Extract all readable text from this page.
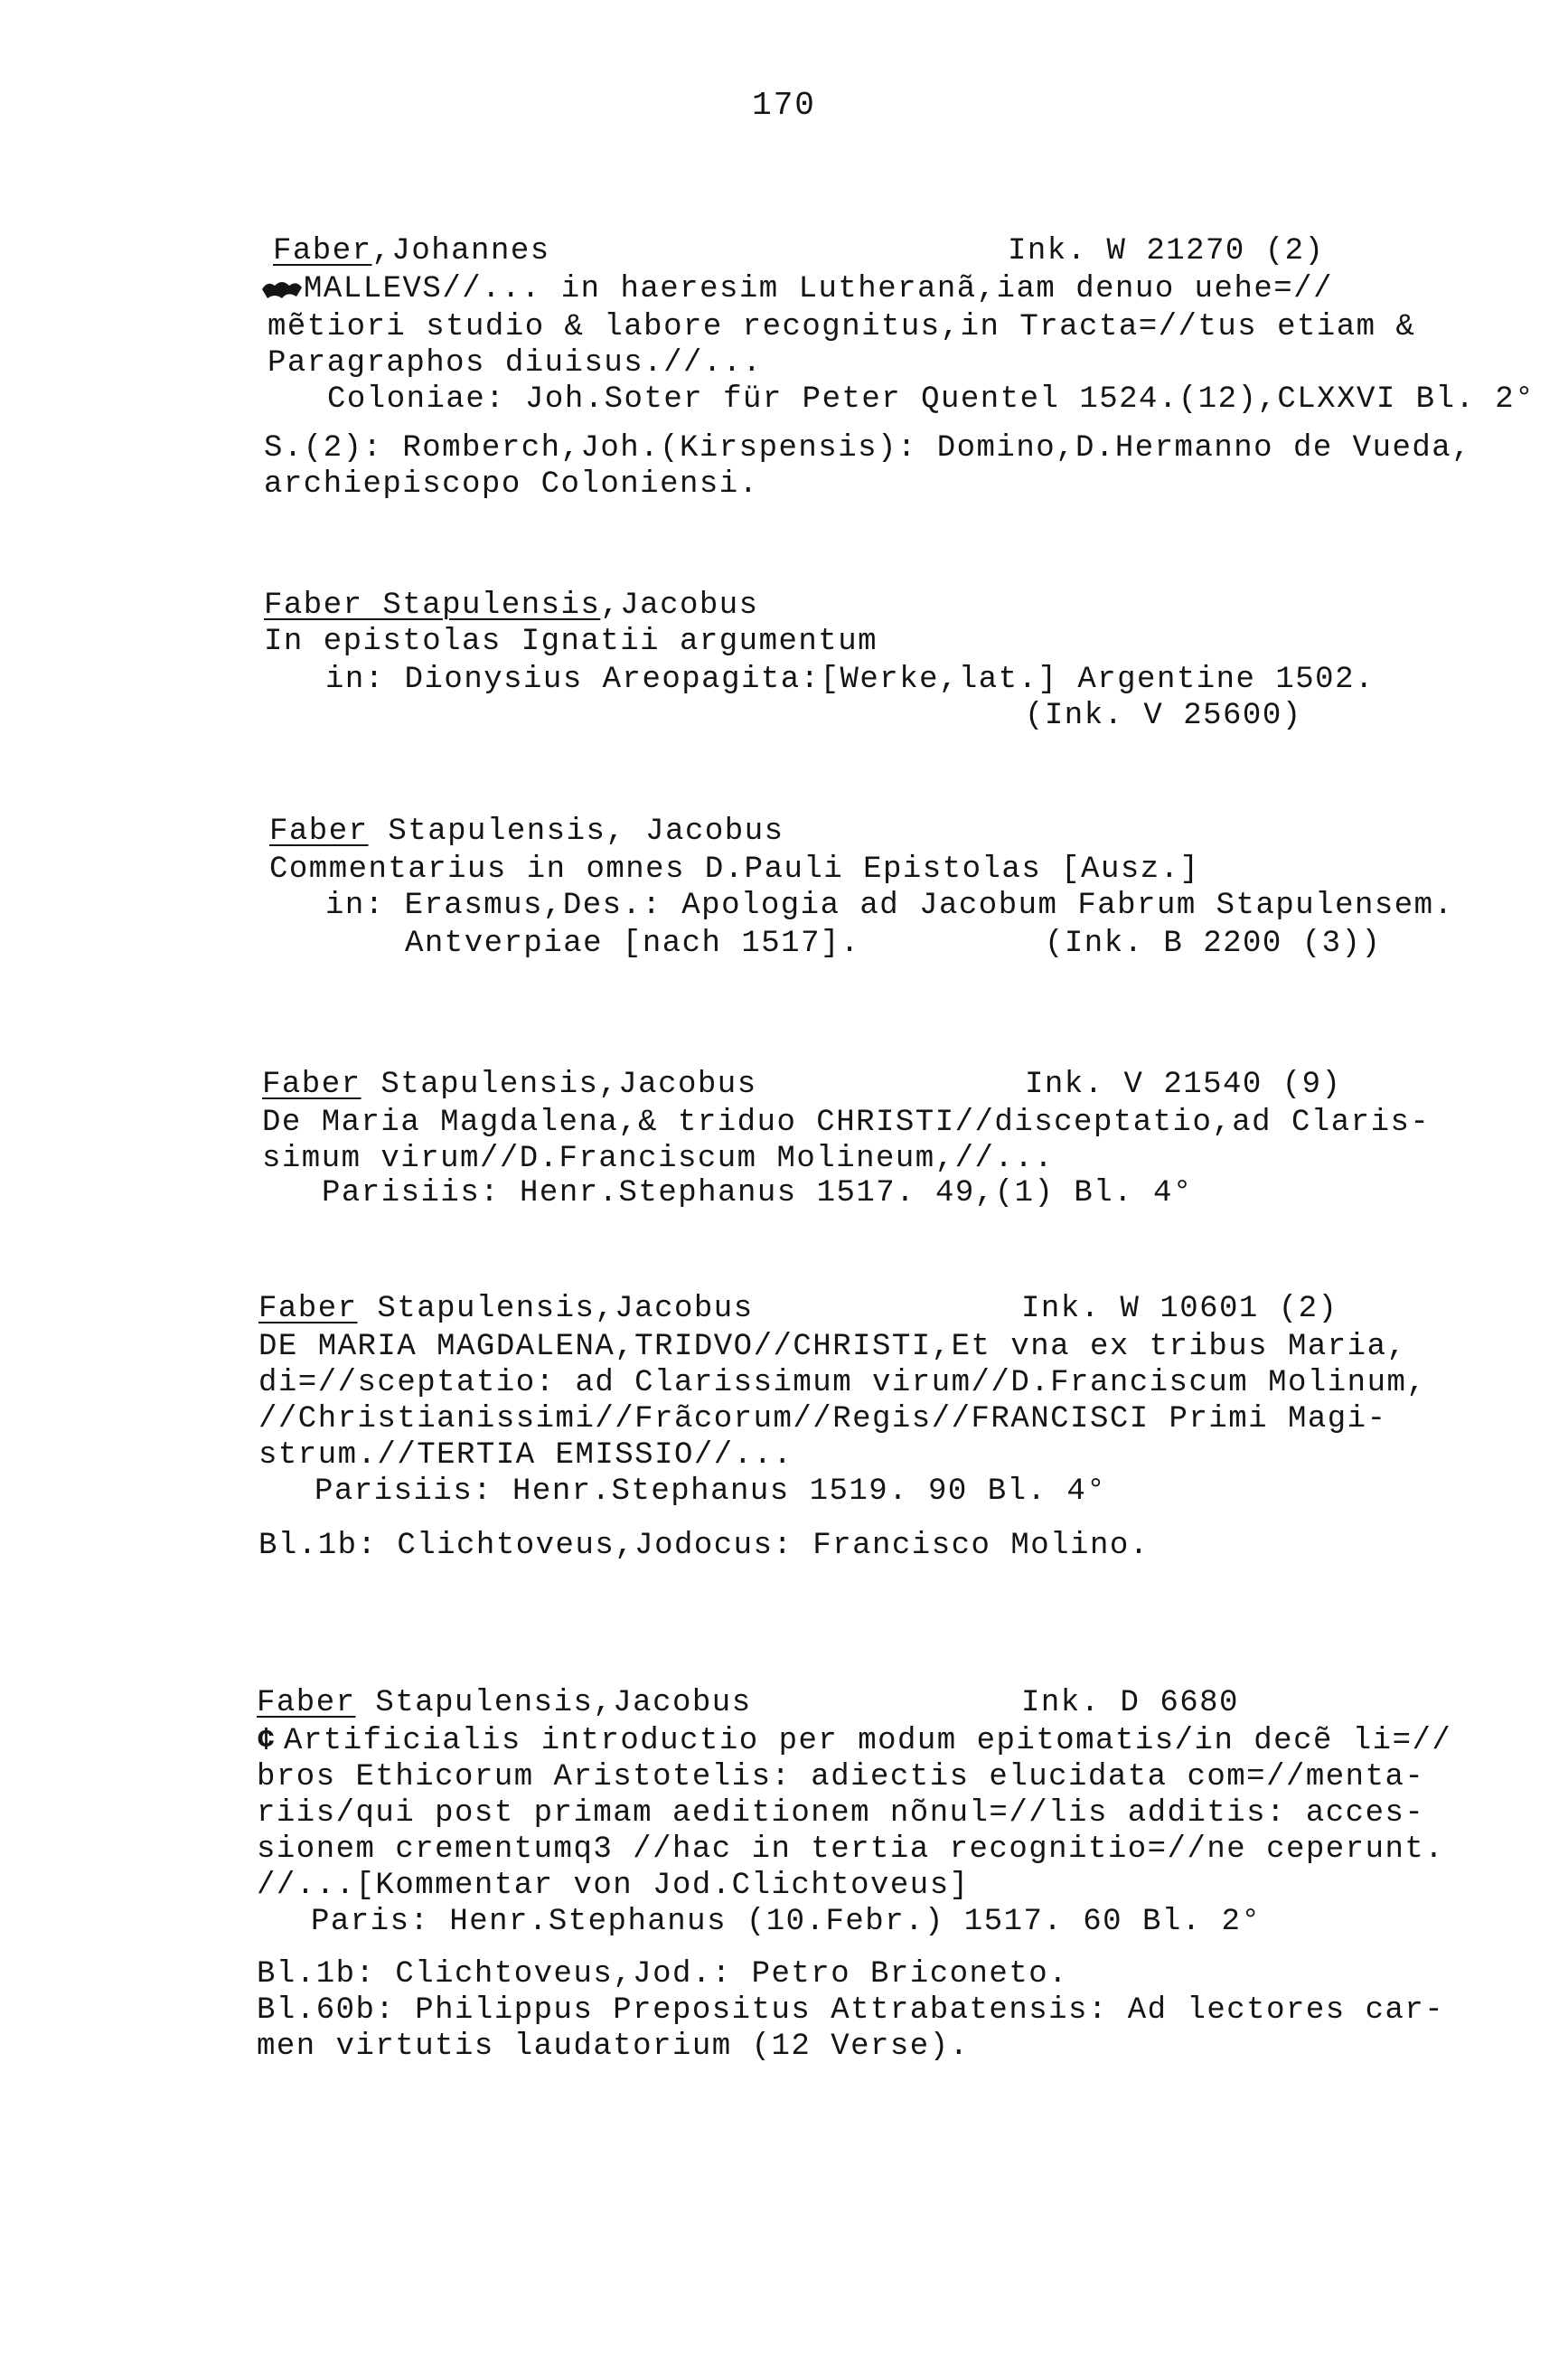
170
Faber,Johannes	Ink. W 21270 (2)
MALLEVS//... in haeresim Lutheranã,iam denuo uehe=//
mẽtiori studio & labore recognitus,in Tracta=//tus etiam &
Paragraphos diuisus.//...
Coloniae: Joh.Soter für Peter Quentel 1524.(12),CLXXVI Bl. 2°
S.(2): Romberch,Joh.(Kirspensis): Domino,D.Hermanno de Vueda,
archiepiscopo Coloniensi.
Faber Stapulensis,Jacobus
In epistolas Ignatii argumentum
in: Dionysius Areopagita:[Werke,lat.] Argentine 1502.
(Ink. V 25600)
Faber Stapulensis, Jacobus
Commentarius in omnes D.Pauli Epistolas [Ausz.]
in: Erasmus,Des.: Apologia ad Jacobum Fabrum Stapulensem.
Antverpiae [nach 1517].	(Ink. B 2200 (3))
Faber Stapulensis,Jacobus	Ink. V 21540 (9)
De Maria Magdalena,& triduo CHRISTI//disceptatio,ad Claris-
simum virum//D.Franciscum Molineum,//...
Parisiis: Henr.Stephanus 1517. 49,(1) Bl. 4°
Faber Stapulensis,Jacobus	Ink. W 10601 (2)
DE MARIA MAGDALENA,TRIDVO//CHRISTI,Et vna ex tribus Maria,
di=//sceptatio: ad Clarissimum virum//D.Franciscum Molinum,
//Christianissimi//Frãcorum//Regis//FRANCISCI Primi Magi-
strum.//TERTIA EMISSIO//...
Parisiis: Henr.Stephanus 1519. 90 Bl. 4°
Bl.1b: Clichtoveus,Jodocus: Francisco Molino.
Faber Stapulensis,Jacobus	Ink. D 6680
¢ Artificialis introductio per modum epitomatis/in decẽ li=//
bros Ethicorum Aristotelis: adiectis elucidata com=//menta-
riis/qui post primam aeditionem nõnul=//lis additis: acces-
sionem crementumq3 //hac in tertia recognitio=//ne ceperunt.
//...[Kommentar von Jod.Clichtoveus]
Paris: Henr.Stephanus (10.Febr.) 1517. 60 Bl. 2°
Bl.1b: Clichtoveus,Jod.: Petro Briconeto.
Bl.60b: Philippus Prepositus Attrabatensis: Ad lectores car-
men virtutis laudatorium (12 Verse).
